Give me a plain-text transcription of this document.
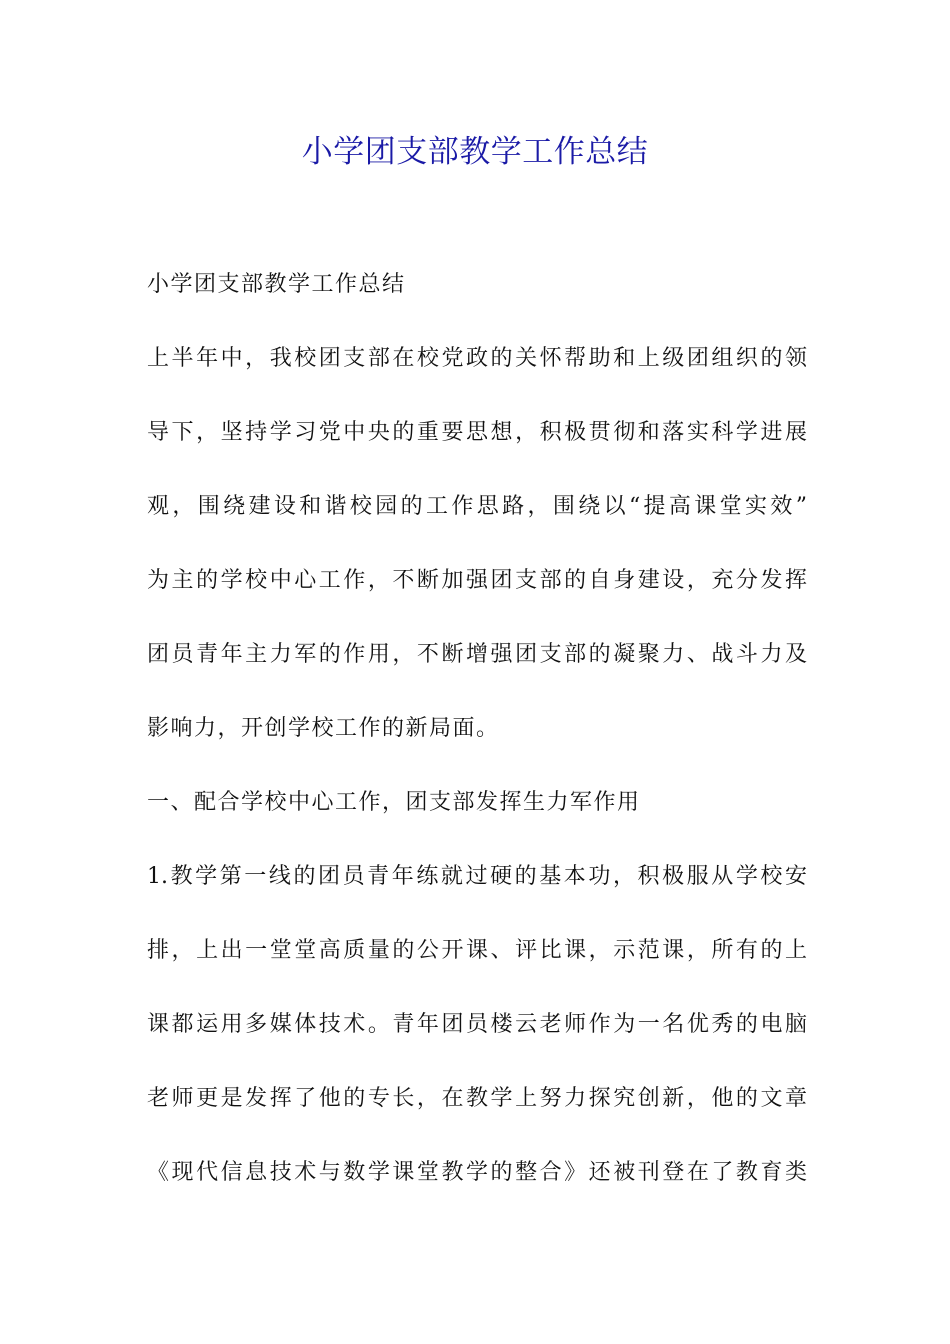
小学团支部教学工作总结
小学团支部教学工作总结
上半年中，我校团支部在校党政的关怀帮助和上级团组织的领
导下，坚持学习党中央的重要思想，积极贯彻和落实科学进展
观，围绕建设和谐校园的工作思路，围绕以“提高课堂实效”
为主的学校中心工作，不断加强团支部的自身建设，充分发挥
团员青年主力军的作用，不断增强团支部的凝聚力、战斗力及
影响力，开创学校工作的新局面。
一、配合学校中心工作，团支部发挥生力军作用
1.教学第一线的团员青年练就过硬的基本功，积极服从学校安
排，上出一堂堂高质量的公开课、评比课，示范课，所有的上
课都运用多媒体技术。青年团员楼云老师作为一名优秀的电脑
老师更是发挥了他的专长，在教学上努力探究创新，他的文章
《现代信息技术与数学课堂教学的整合》还被刊登在了教育类
